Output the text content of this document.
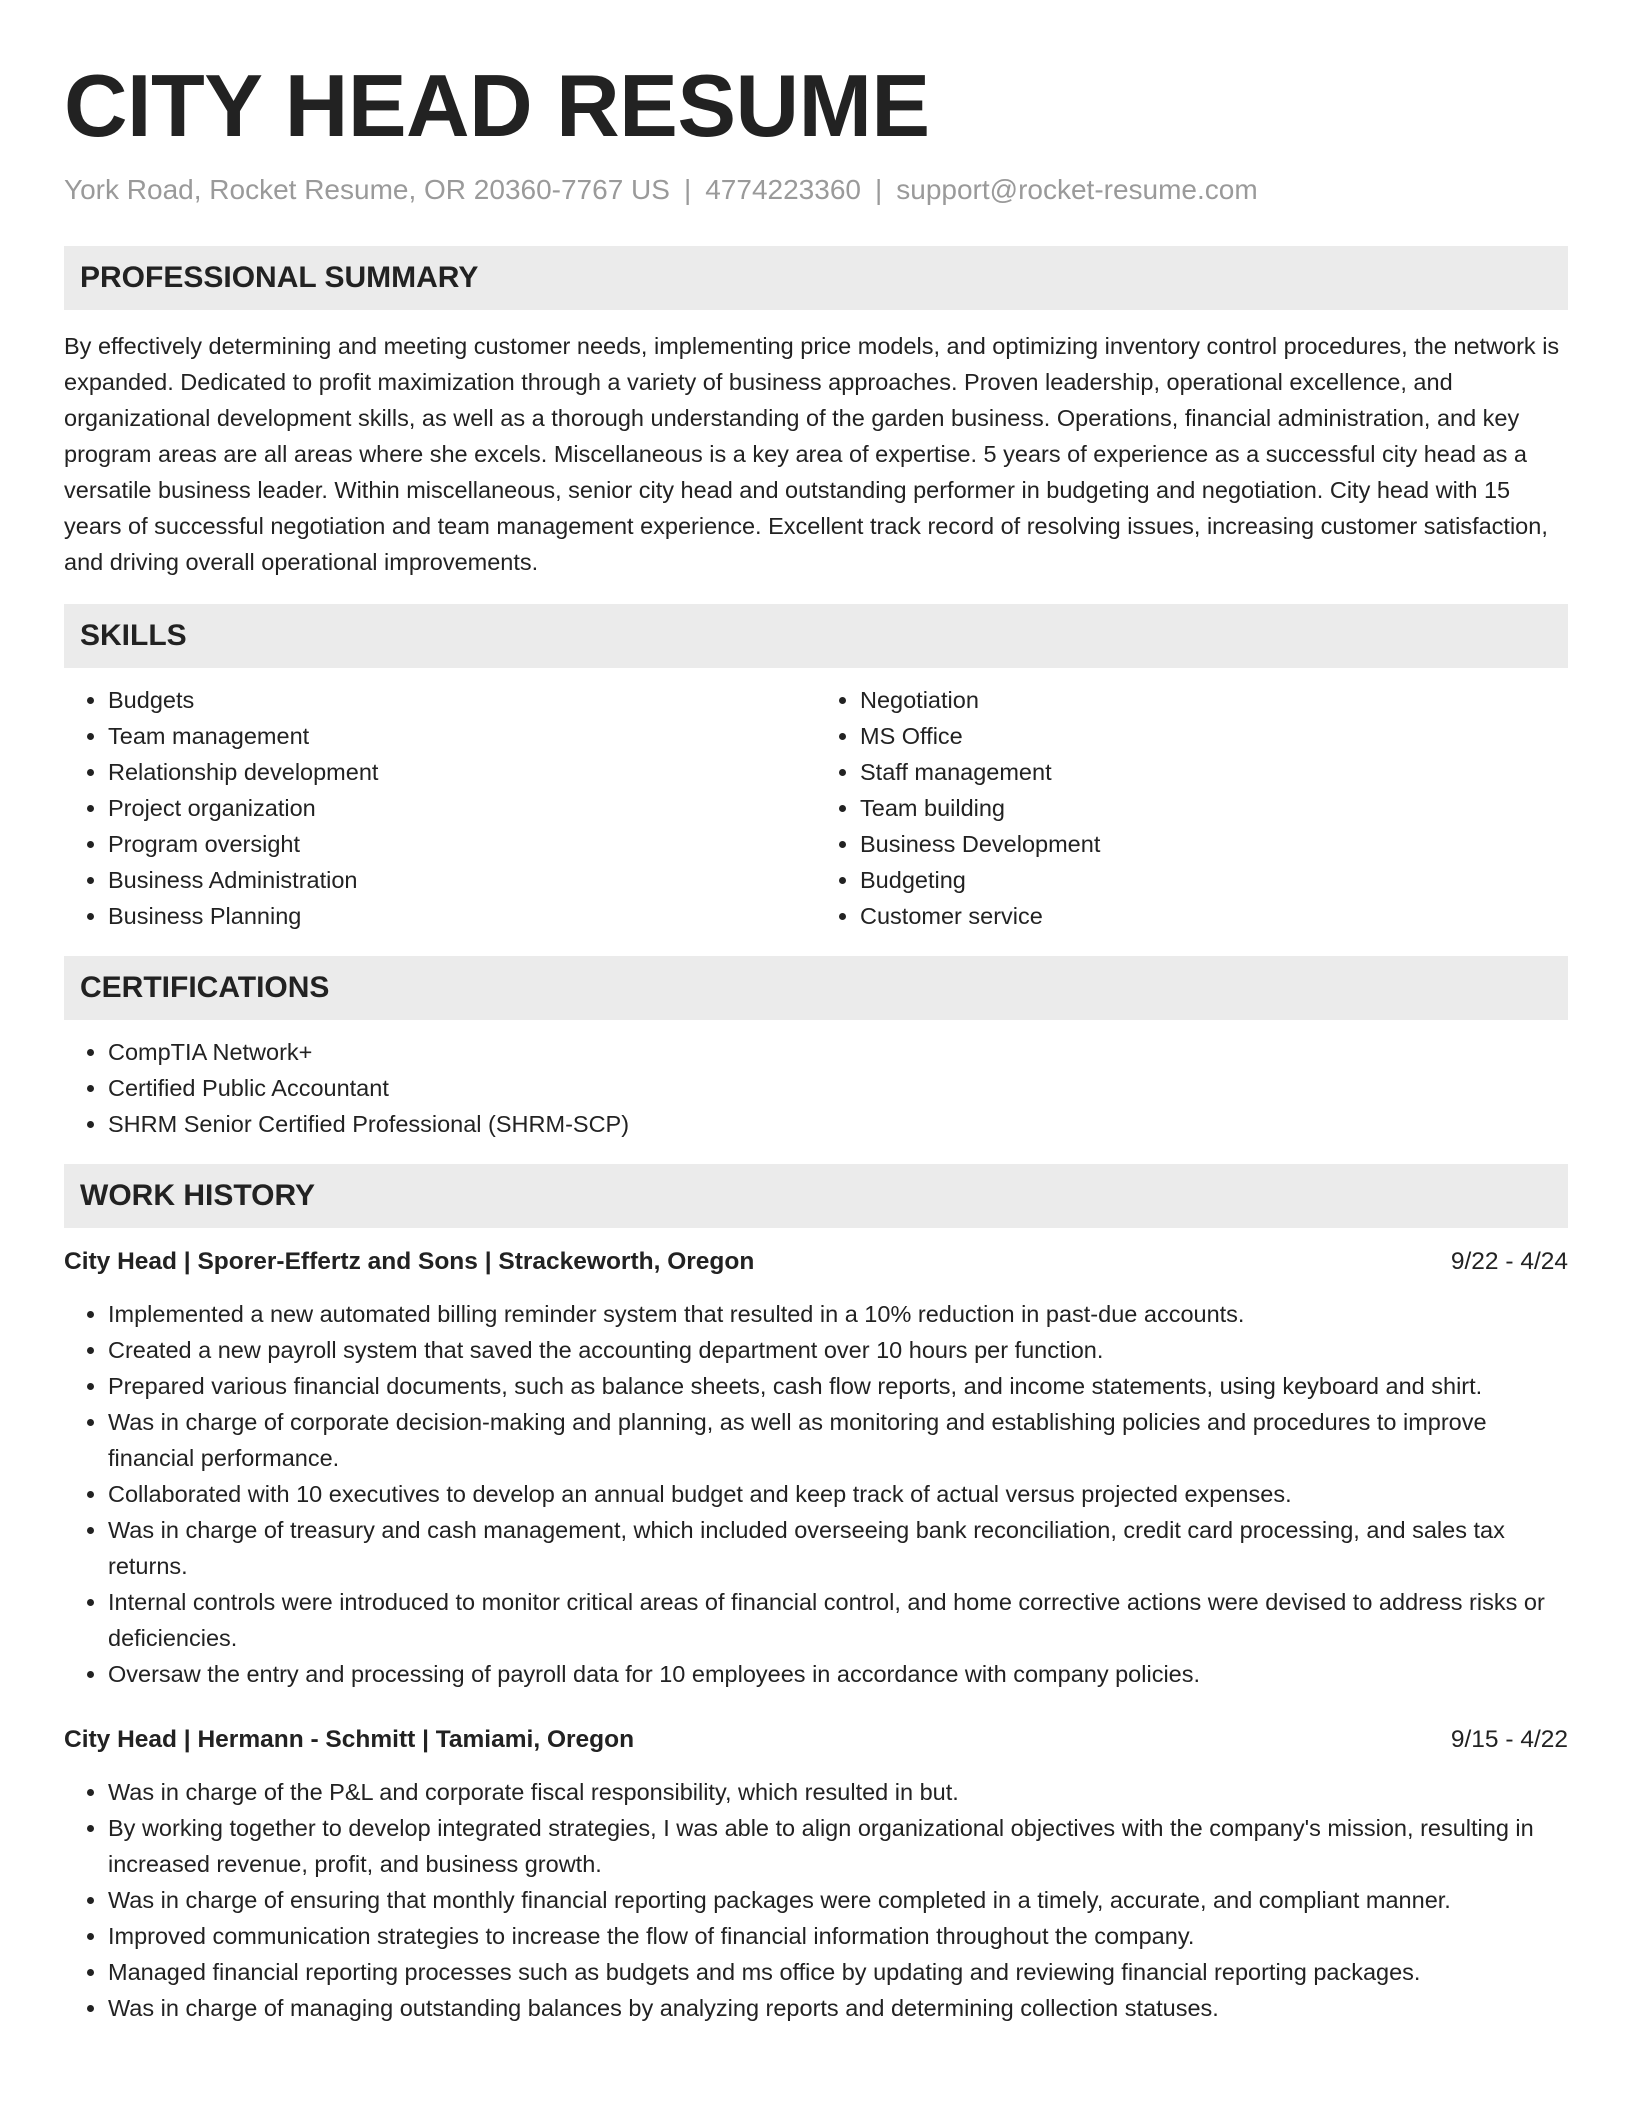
CITY HEAD RESUME
York Road, Rocket Resume, OR 20360-7767 US | 4774223360 | support@rocket-resume.com
PROFESSIONAL SUMMARY

By effectively determining and meeting customer needs, implementing price models, and optimizing inventory control procedures, the network is expanded. Dedicated to profit maximization through a variety of business approaches. Proven leadership, operational excellence, and organizational development skills, as well as a thorough understanding of the garden business. Operations, financial administration, and key program areas are all areas where she excels. Miscellaneous is a key area of expertise. 5 years of experience as a successful city head as a versatile business leader. Within miscellaneous, senior city head and outstanding performer in budgeting and negotiation. City head with 15 years of successful negotiation and team management experience. Excellent track record of resolving issues, increasing customer satisfaction, and driving overall operational improvements.

SKILLS
• Budgets
• Team management
• Relationship development
• Project organization
• Program oversight
• Business Administration
• Business Planning
• Negotiation
• MS Office
• Staff management
• Team building
• Business Development
• Budgeting
• Customer service
CERTIFICATIONS
• CompTIA Network+
• Certified Public Accountant
• SHRM Senior Certified Professional (SHRM-SCP)
WORK HISTORY
City Head | Sporer-Effertz and Sons | Strackeworth, Oregon	9/22 - 4/24
• Implemented a new automated billing reminder system that resulted in a 10% reduction in past-due accounts.
• Created a new payroll system that saved the accounting department over 10 hours per function.
• Prepared various financial documents, such as balance sheets, cash flow reports, and income statements, using keyboard and shirt.
• Was in charge of corporate decision-making and planning, as well as monitoring and establishing policies and procedures to improve financial performance.
• Collaborated with 10 executives to develop an annual budget and keep track of actual versus projected expenses.
• Was in charge of treasury and cash management, which included overseeing bank reconciliation, credit card processing, and sales tax returns.
• Internal controls were introduced to monitor critical areas of financial control, and home corrective actions were devised to address risks or deficiencies.
• Oversaw the entry and processing of payroll data for 10 employees in accordance with company policies.
City Head | Hermann - Schmitt | Tamiami, Oregon	9/15 - 4/22
• Was in charge of the P&L and corporate fiscal responsibility, which resulted in but.
• By working together to develop integrated strategies, I was able to align organizational objectives with the company's mission, resulting in increased revenue, profit, and business growth.
• Was in charge of ensuring that monthly financial reporting packages were completed in a timely, accurate, and compliant manner.
• Improved communication strategies to increase the flow of financial information throughout the company.
• Managed financial reporting processes such as budgets and ms office by updating and reviewing financial reporting packages.
• Was in charge of managing outstanding balances by analyzing reports and determining collection statuses.
